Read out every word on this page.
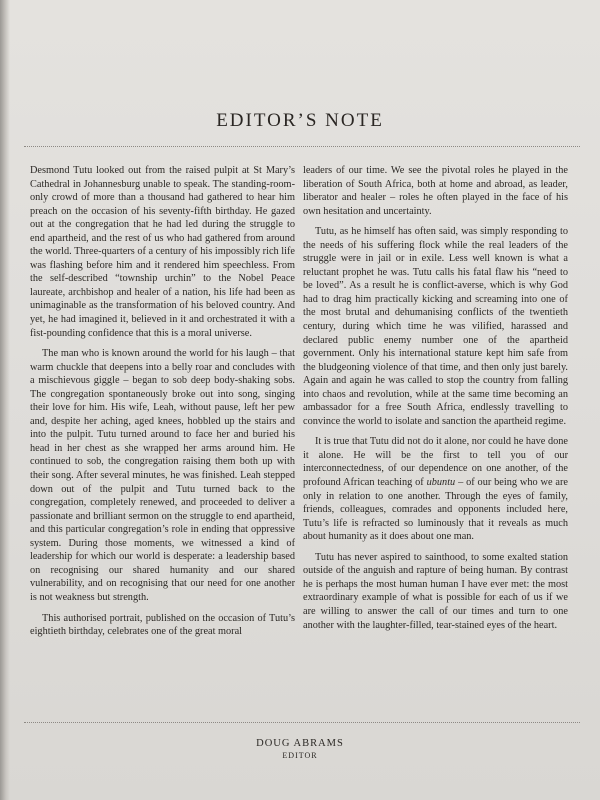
EDITOR’S NOTE

Desmond Tutu looked out from the raised pulpit at St Mary’s Cathedral in Johannesburg unable to speak. The standing-room-only crowd of more than a thousand had gathered to hear him preach on the occasion of his seventy-fifth birthday. He gazed out at the congregation that he had led during the struggle to end apartheid, and the rest of us who had gathered from around the world. Three-quarters of a century of his impossibly rich life was flashing before him and it rendered him speechless. From the self-described “township urchin” to the Nobel Peace laureate, archbishop and healer of a nation, his life had been as unimaginable as the transformation of his beloved country. And yet, he had imagined it, believed in it and orchestrated it with a fist-pounding confidence that this is a moral universe.

The man who is known around the world for his laugh – that warm chuckle that deepens into a belly roar and concludes with a mischievous giggle – began to sob deep body-shaking sobs. The congregation spontaneously broke out into song, singing their love for him. His wife, Leah, without pause, left her pew and, despite her aching, aged knees, hobbled up the stairs and into the pulpit. Tutu turned around to face her and buried his head in her chest as she wrapped her arms around him. He continued to sob, the congregation raising them both up with their song. After several minutes, he was finished. Leah stepped down out of the pulpit and Tutu turned back to the congregation, completely renewed, and proceeded to deliver a passionate and brilliant sermon on the struggle to end apartheid, and this particular congregation’s role in ending that oppressive system. During those moments, we witnessed a kind of leadership for which our world is desperate: a leadership based on recognising our shared humanity and our shared vulnerability, and on recognising that our need for one another is not weakness but strength.

This authorised portrait, published on the occasion of Tutu’s eightieth birthday, celebrates one of the great moral

leaders of our time. We see the pivotal roles he played in the liberation of South Africa, both at home and abroad, as leader, liberator and healer – roles he often played in the face of his own hesitation and uncertainty.

Tutu, as he himself has often said, was simply responding to the needs of his suffering flock while the real leaders of the struggle were in jail or in exile. Less well known is what a reluctant prophet he was. Tutu calls his fatal flaw his “need to be loved”. As a result he is conflict-averse, which is why God had to drag him practically kicking and screaming into one of the most brutal and dehumanising conflicts of the twentieth century, during which time he was vilified, harassed and declared public enemy number one of the apartheid government. Only his international stature kept him safe from the bludgeoning violence of that time, and then only just barely. Again and again he was called to stop the country from falling into chaos and revolution, while at the same time becoming an ambassador for a free South Africa, endlessly travelling to convince the world to isolate and sanction the apartheid regime.

It is true that Tutu did not do it alone, nor could he have done it alone. He will be the first to tell you of our interconnectedness, of our dependence on one another, of the profound African teaching of ubuntu – of our being who we are only in relation to one another. Through the eyes of family, friends, colleagues, comrades and opponents included here, Tutu’s life is refracted so luminously that it reveals as much about humanity as it does about one man.

Tutu has never aspired to sainthood, to some exalted station outside of the anguish and rapture of being human. By contrast he is perhaps the most human human I have ever met: the most extraordinary example of what is possible for each of us if we are willing to answer the call of our times and turn to one another with the laughter-filled, tear-stained eyes of the heart.

DOUG ABRAMS
EDITOR
